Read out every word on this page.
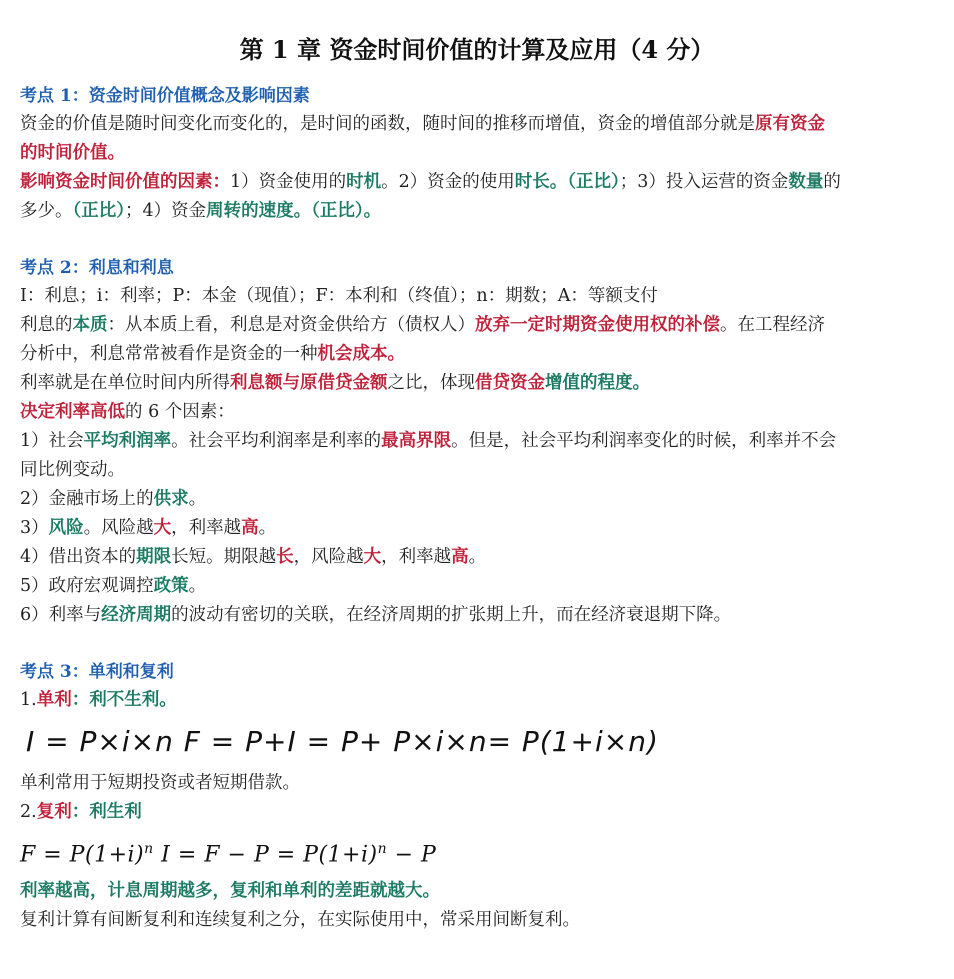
第 1 章 资金时间价值的计算及应用（4 分）
考点 1：资金时间价值概念及影响因素

资金的价值是随时间变化而变化的，是时间的函数，随时间的推移而增值，资金的增值部分就是原有资金

的时间价值。

影响资金时间价值的因素：1）资金使用的时机。2）资金的使用时长。（正比）；3）投入运营的资金数量的

多少。（正比）；4）资金周转的速度。（正比）。

考点 2：利息和利息

I：利息；i：利率；P：本金（现值）；F：本利和（终值）；n：期数；A：等额支付

利息的本质：从本质上看，利息是对资金供给方（债权人）放弃一定时期资金使用权的补偿。在工程经济

分析中，利息常常被看作是资金的一种机会成本。

利率就是在单位时间内所得利息额与原借贷金额之比，体现借贷资金增值的程度。

决定利率高低的 6 个因素：

1）社会平均利润率。社会平均利润率是利率的最高界限。但是，社会平均利润率变化的时候，利率并不会

同比例变动。

2）金融市场上的供求。

3）风险。风险越大，利率越高。

4）借出资本的期限长短。期限越长，风险越大，利率越高。

5）政府宏观调控政策。

6）利率与经济周期的波动有密切的关联，在经济周期的扩张期上升，而在经济衰退期下降。

考点 3：单利和复利

1.单利：利不生利。

I = P×i×n F = P+I = P+ P×i×n= P(1+i×n)

单利常用于短期投资或者短期借款。

2.复利：利生利

$F = P(1+i)^n$ $I = F - P = P(1+i)^n - P$

利率越高，计息周期越多，复利和单利的差距就越大。

复利计算有间断复利和连续复利之分，在实际使用中，常采用间断复利。
